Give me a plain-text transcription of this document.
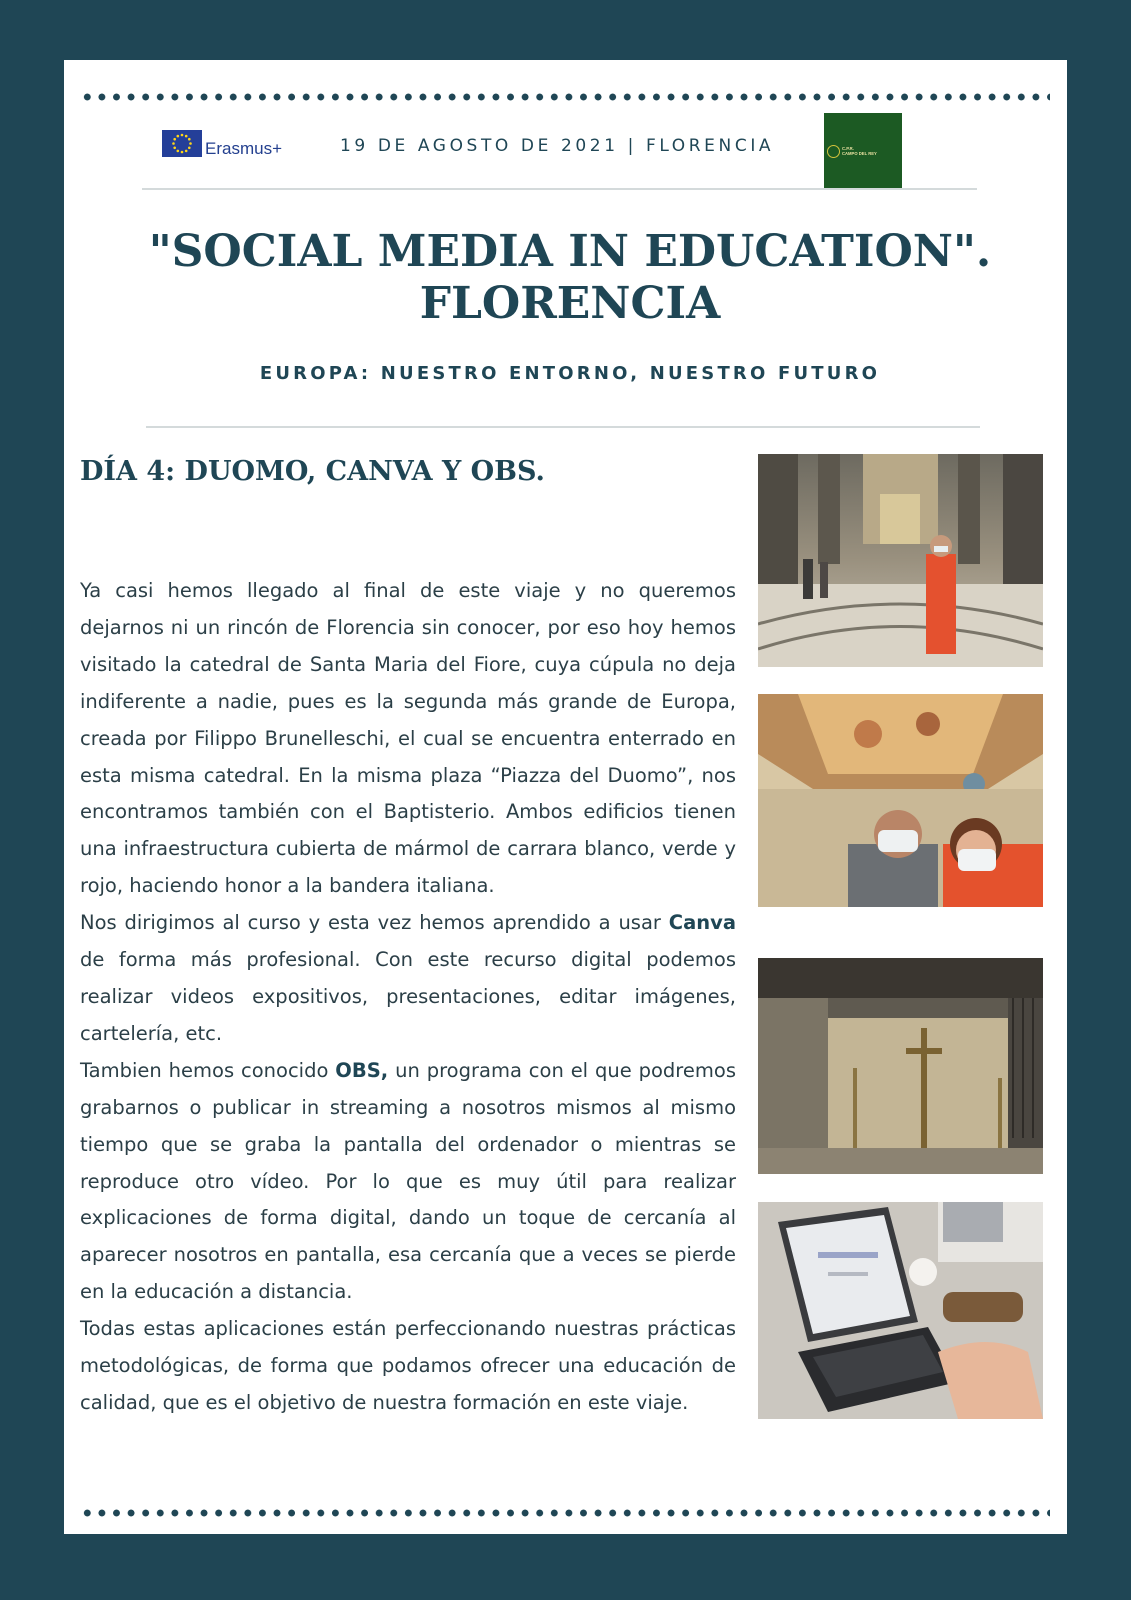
Erasmus+	19 DE AGOSTO DE 2021 | FLORENCIA	C.P.R.
CAMPO DEL REY
"SOCIAL MEDIA IN EDUCATION".
FLORENCIA
EUROPA: NUESTRO ENTORNO, NUESTRO FUTURO
DÍA 4: DUOMO, CANVA Y OBS.

Ya casi hemos llegado al final de este viaje y no queremos dejarnos ni un rincón de Florencia sin conocer, por eso hoy hemos visitado la catedral de Santa Maria del Fiore, cuya cúpula no deja indiferente a nadie, pues es la segunda más grande de Europa, creada por Filippo Brunelleschi, el cual se encuentra enterrado en esta misma catedral. En la misma plaza “Piazza del Duomo”, nos encontramos también con el Baptisterio. Ambos edificios tienen una infraestructura cubierta de mármol de carrara blanco, verde y rojo, haciendo honor a la bandera italiana.

Nos dirigimos al curso y esta vez hemos aprendido a usar Canva de forma más profesional. Con este recurso digital podemos realizar videos expositivos, presentaciones, editar imágenes, cartelería, etc.

Tambien hemos conocido OBS, un programa con el que podremos grabarnos o publicar in streaming a nosotros mismos al mismo tiempo que se graba la pantalla del ordenador o mientras se reproduce otro vídeo. Por lo que es muy útil para realizar explicaciones de forma digital, dando un toque de cercanía al aparecer nosotros en pantalla, esa cercanía que a veces se pierde en la educación a distancia.

Todas estas aplicaciones están perfeccionando nuestras prácticas metodológicas, de forma que podamos ofrecer una educación de calidad, que es el objetivo de nuestra formación en este viaje.
